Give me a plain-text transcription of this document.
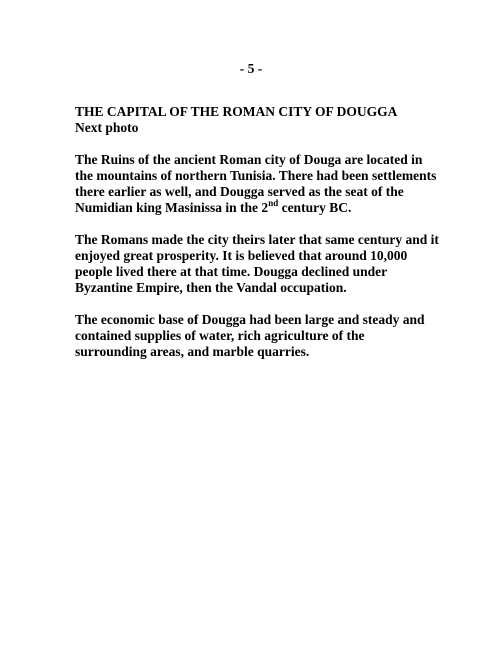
- 5 -
THE CAPITAL OF THE ROMAN CITY OF DOUGGA
Next photo

The Ruins of the ancient Roman city of Douga are located in
the mountains of northern Tunisia. There had been settlements
there earlier as well, and Dougga served as the seat of the
Numidian king Masinissa in the 2nd century BC.

The Romans made the city theirs later that same century and it
enjoyed great prosperity. It is believed that around 10,000
people lived there at that time. Dougga declined under
Byzantine Empire, then the Vandal occupation.

The economic base of Dougga had been large and steady and
contained supplies of water, rich agriculture of the
surrounding areas, and marble quarries.
